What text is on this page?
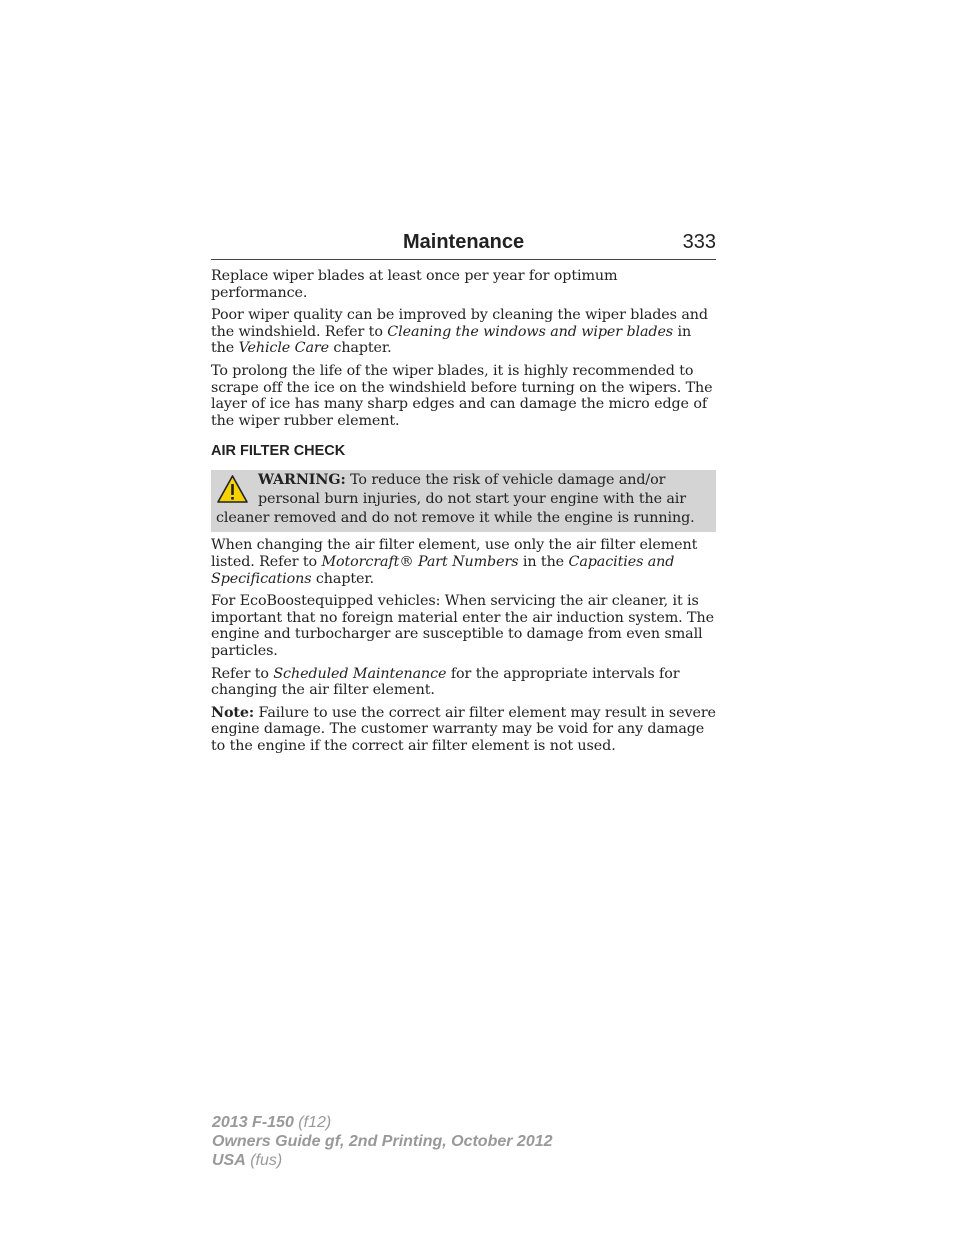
Maintenance	333

Replace wiper blades at least once per year for optimum performance.

Poor wiper quality can be improved by cleaning the wiper blades and the windshield. Refer to Cleaning the windows and wiper blades in the Vehicle Care chapter.

To prolong the life of the wiper blades, it is highly recommended to scrape off the ice on the windshield before turning on the wipers. The layer of ice has many sharp edges and can damage the micro edge of the wiper rubber element.

AIR FILTER CHECK

WARNING: To reduce the risk of vehicle damage and/or personal burn injuries, do not start your engine with the air cleaner removed and do not remove it while the engine is running.

When changing the air filter element, use only the air filter element listed. Refer to Motorcraft® Part Numbers in the Capacities and Specifications chapter.

For EcoBoostequipped vehicles: When servicing the air cleaner, it is important that no foreign material enter the air induction system. The engine and turbocharger are susceptible to damage from even small particles.

Refer to Scheduled Maintenance for the appropriate intervals for changing the air filter element.

Note: Failure to use the correct air filter element may result in severe engine damage. The customer warranty may be void for any damage to the engine if the correct air filter element is not used.

2013 F-150 (f12)
Owners Guide gf, 2nd Printing, October 2012
USA (fus)
